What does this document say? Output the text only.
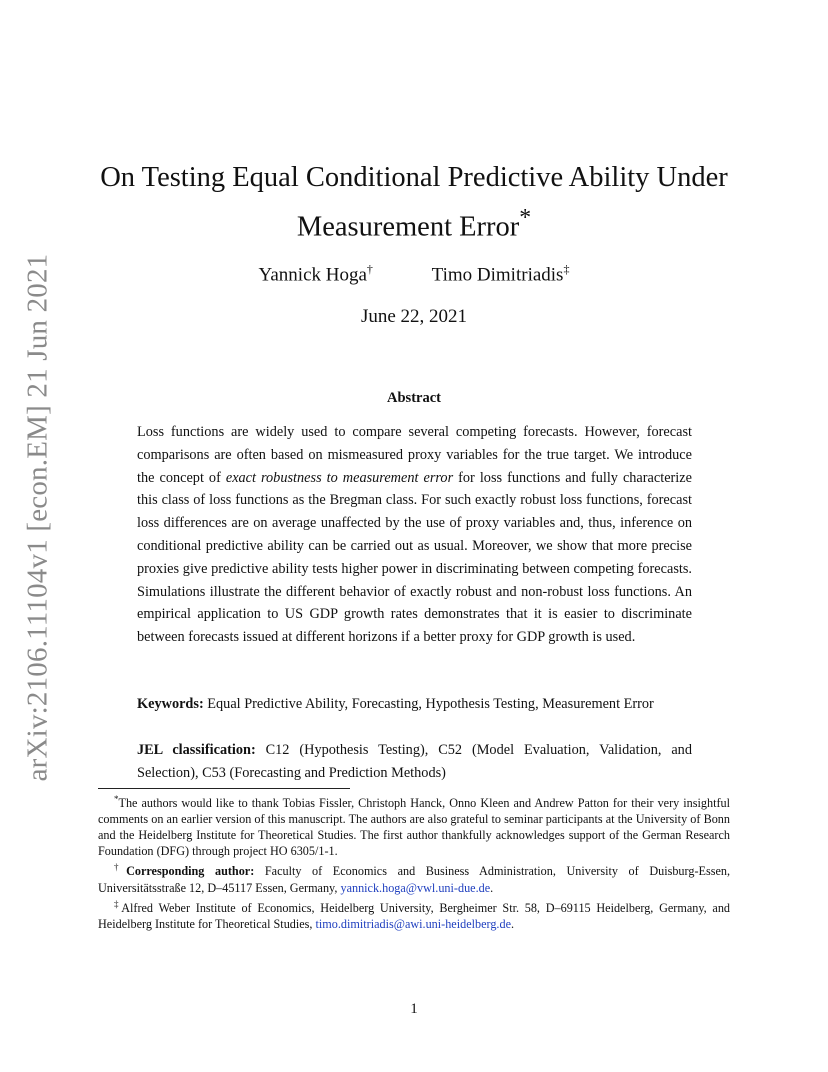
arXiv:2106.11104v1 [econ.EM] 21 Jun 2021
On Testing Equal Conditional Predictive Ability Under Measurement Error*
Yannick Hoga†	Timo Dimitriadis‡
June 22, 2021
Abstract
Loss functions are widely used to compare several competing forecasts. However, forecast comparisons are often based on mismeasured proxy variables for the true target. We introduce the concept of exact robustness to measurement error for loss functions and fully characterize this class of loss functions as the Bregman class. For such exactly robust loss functions, forecast loss differences are on average unaffected by the use of proxy variables and, thus, inference on conditional predictive ability can be carried out as usual. Moreover, we show that more precise proxies give predictive ability tests higher power in discriminating between competing forecasts. Simulations illustrate the different behavior of exactly robust and non-robust loss functions. An empirical application to US GDP growth rates demonstrates that it is easier to discriminate between forecasts issued at different horizons if a better proxy for GDP growth is used.
Keywords: Equal Predictive Ability, Forecasting, Hypothesis Testing, Measurement Error
JEL classification: C12 (Hypothesis Testing), C52 (Model Evaluation, Validation, and Selection), C53 (Forecasting and Prediction Methods)

*The authors would like to thank Tobias Fissler, Christoph Hanck, Onno Kleen and Andrew Patton for their very insightful comments on an earlier version of this manuscript. The authors are also grateful to seminar participants at the University of Bonn and the Heidelberg Institute for Theoretical Studies. The first author thankfully acknowledges support of the German Research Foundation (DFG) through project HO 6305/1-1.

†Corresponding author: Faculty of Economics and Business Administration, University of Duisburg-Essen, Universitätsstraße 12, D–45117 Essen, Germany, yannick.hoga@vwl.uni-due.de.

‡Alfred Weber Institute of Economics, Heidelberg University, Bergheimer Str. 58, D–69115 Heidelberg, Germany, and Heidelberg Institute for Theoretical Studies, timo.dimitriadis@awi.uni-heidelberg.de.

1
